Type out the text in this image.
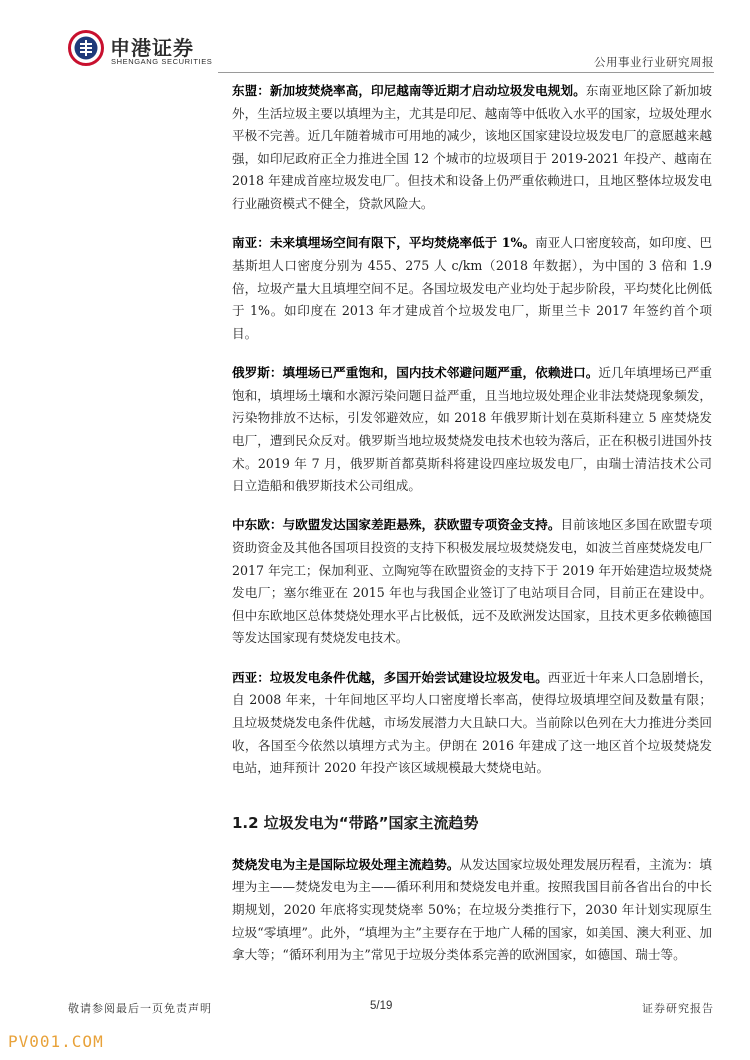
申港证券
SHENGANG SECURITIES	公用事业行业研究周报

东盟：新加坡焚烧率高，印尼越南等近期才启动垃圾发电规划。东南亚地区除了新加坡外，生活垃圾主要以填埋为主，尤其是印尼、越南等中低收入水平的国家，垃圾处理水平极不完善。近几年随着城市可用地的减少，该地区国家建设垃圾发电厂的意愿越来越强，如印尼政府正全力推进全国 12 个城市的垃圾项目于 2019-2021 年投产、越南在 2018 年建成首座垃圾发电厂。但技术和设备上仍严重依赖进口，且地区整体垃圾发电行业融资模式不健全，贷款风险大。

南亚：未来填埋场空间有限下，平均焚烧率低于 1%。南亚人口密度较高，如印度、巴基斯坦人口密度分别为 455、275 人 c/km（2018 年数据），为中国的 3 倍和 1.9 倍，垃圾产量大且填埋空间不足。各国垃圾发电产业均处于起步阶段，平均焚化比例低于 1%。如印度在 2013 年才建成首个垃圾发电厂，斯里兰卡 2017 年签约首个项目。

俄罗斯：填埋场已严重饱和，国内技术邻避问题严重，依赖进口。近几年填埋场已严重饱和，填埋场土壤和水源污染问题日益严重，且当地垃圾处理企业非法焚烧现象频发，污染物排放不达标，引发邻避效应，如 2018 年俄罗斯计划在莫斯科建立 5 座焚烧发电厂，遭到民众反对。俄罗斯当地垃圾焚烧发电技术也较为落后，正在积极引进国外技术。2019 年 7 月，俄罗斯首都莫斯科将建设四座垃圾发电厂，由瑞士清洁技术公司日立造船和俄罗斯技术公司组成。

中东欧：与欧盟发达国家差距悬殊，获欧盟专项资金支持。目前该地区多国在欧盟专项资助资金及其他各国项目投资的支持下积极发展垃圾焚烧发电，如波兰首座焚烧发电厂 2017 年完工；保加利亚、立陶宛等在欧盟资金的支持下于 2019 年开始建造垃圾焚烧发电厂；塞尔维亚在 2015 年也与我国企业签订了电站项目合同，目前正在建设中。但中东欧地区总体焚烧处理水平占比极低，远不及欧洲发达国家，且技术更多依赖德国等发达国家现有焚烧发电技术。

西亚：垃圾发电条件优越，多国开始尝试建设垃圾发电。西亚近十年来人口急剧增长，自 2008 年来，十年间地区平均人口密度增长率高，使得垃圾填埋空间及数量有限；且垃圾焚烧发电条件优越，市场发展潜力大且缺口大。当前除以色列在大力推进分类回收，各国至今依然以填埋方式为主。伊朗在 2016 年建成了这一地区首个垃圾焚烧发电站，迪拜预计 2020 年投产该区域规模最大焚烧电站。

1.2 垃圾发电为“带路”国家主流趋势

焚烧发电为主是国际垃圾处理主流趋势。从发达国家垃圾处理发展历程看，主流为：填埋为主——焚烧发电为主——循环利用和焚烧发电并重。按照我国目前各省出台的中长期规划，2020 年底将实现焚烧率 50%；在垃圾分类推行下，2030 年计划实现原生垃圾“零填埋”。此外，“填埋为主”主要存在于地广人稀的国家，如美国、澳大利亚、加拿大等；“循环利用为主”常见于垃圾分类体系完善的欧洲国家，如德国、瑞士等。

敬请参阅最后一页免责声明	5/19	证券研究报告
PV001.COM
